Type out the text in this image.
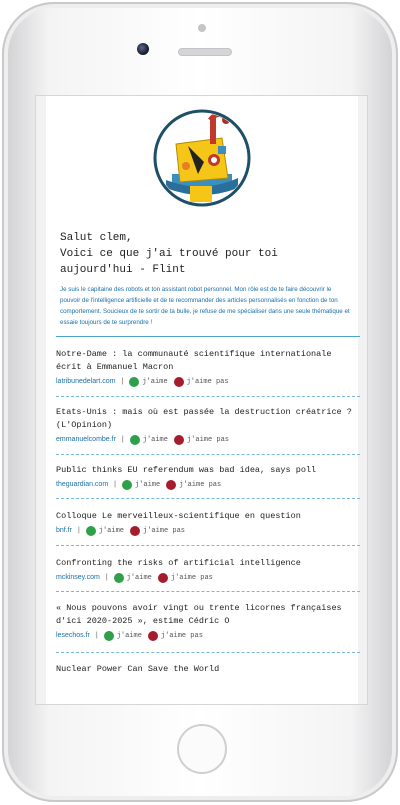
Salut clem,
Voici ce que j'ai trouvé pour toi
aujourd'hui - Flint
Je suis le capitaine des robots et ton assistant robot personnel. Mon rôle est de te faire découvrir le pouvoir de l'intelligence artificielle et de te recommander des articles personnalisés en fonction de ton comportement. Soucieux de te sortir de ta bulle, je refuse de me spécialiser dans une seule thématique et essaie toujours de te surprendre !
Notre-Dame : la communauté scientifique internationale écrit à Emmanuel Macron
latribunedelart.com |	j'aime	j'aime pas
Etats-Unis : mais où est passée la destruction créatrice ? (L'Opinion)
emmanuelcombe.fr |	j'aime	j'aime pas
Public thinks EU referendum was bad idea, says poll
theguardian.com |	j'aime	j'aime pas
Colloque Le merveilleux-scientifique en question
bnf.fr |	j'aime	j'aime pas
Confronting the risks of artificial intelligence
mckinsey.com |	j'aime	j'aime pas
« Nous pouvons avoir vingt ou trente licornes françaises d'ici 2020-2025 », estime Cédric O
lesechos.fr |	j'aime	j'aime pas
Nuclear Power Can Save the World
